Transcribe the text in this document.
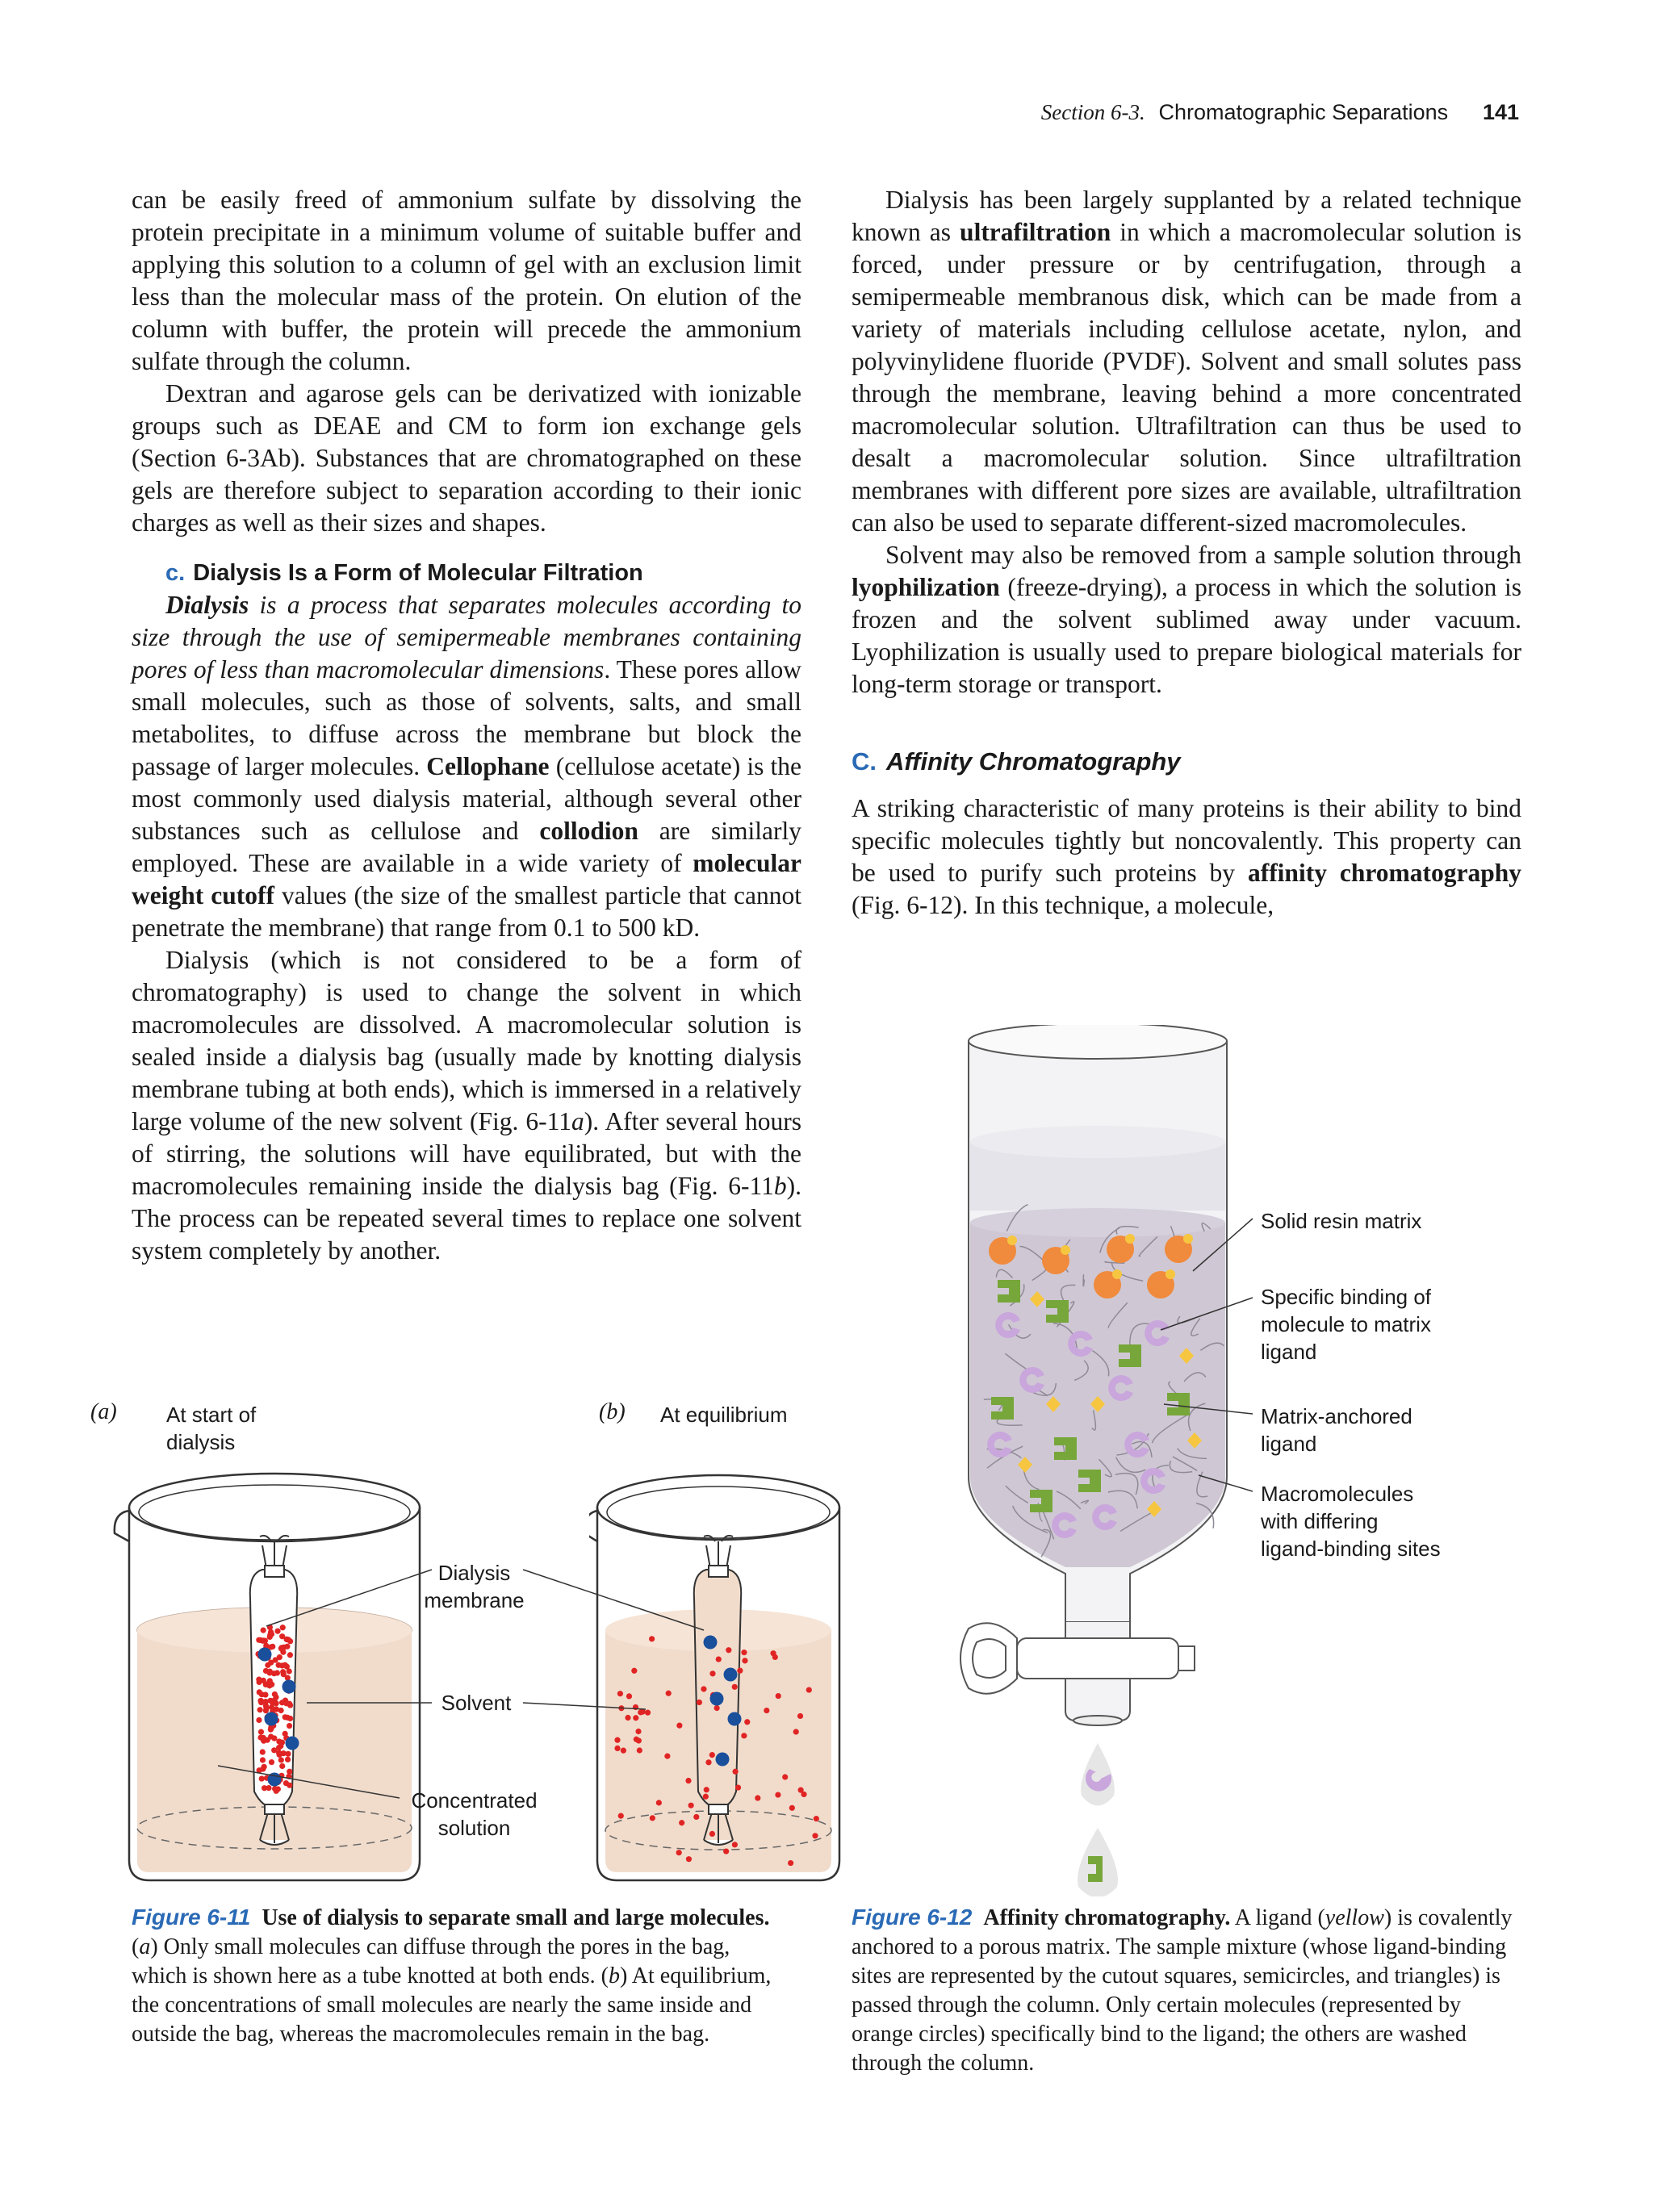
Section 6-3. Chromatographic Separations 141

can be easily freed of ammonium sulfate by dissolving the protein precipitate in a minimum volume of suitable buffer and applying this solution to a column of gel with an exclusion limit less than the molecular mass of the protein. On elution of the column with buffer, the protein will precede the ammonium sulfate through the column.

Dextran and agarose gels can be derivatized with ionizable groups such as DEAE and CM to form ion exchange gels (Section 6-3Ab). Substances that are chromatographed on these gels are therefore subject to separation according to their ionic charges as well as their sizes and shapes.

c. Dialysis Is a Form of Molecular Filtration

Dialysis is a process that separates molecules according to size through the use of semipermeable membranes containing pores of less than macromolecular dimensions. These pores allow small molecules, such as those of solvents, salts, and small metabolites, to diffuse across the membrane but block the passage of larger molecules. Cellophane (cellulose acetate) is the most commonly used dialysis material, although several other substances such as cellulose and collodion are similarly employed. These are available in a wide variety of molecular weight cutoff values (the size of the smallest particle that cannot penetrate the membrane) that range from 0.1 to 500 kD.

Dialysis (which is not considered to be a form of chromatography) is used to change the solvent in which macromolecules are dissolved. A macromolecular solution is sealed inside a dialysis bag (usually made by knotting dialysis membrane tubing at both ends), which is immersed in a relatively large volume of the new solvent (Fig. 6-11a). After several hours of stirring, the solutions will have equilibrated, but with the macromolecules remaining inside the dialysis bag (Fig. 6-11b). The process can be repeated several times to replace one solvent system completely by another.

Dialysis has been largely supplanted by a related technique known as ultrafiltration in which a macromolecular solution is forced, under pressure or by centrifugation, through a semipermeable membranous disk, which can be made from a variety of materials including cellulose acetate, nylon, and polyvinylidene fluoride (PVDF). Solvent and small solutes pass through the membrane, leaving behind a more concentrated macromolecular solution. Ultrafiltration can thus be used to desalt a macromolecular solution. Since ultrafiltration membranes with different pore sizes are available, ultrafiltration can also be used to separate different-sized macromolecules.

Solvent may also be removed from a sample solution through lyophilization (freeze-drying), a process in which the solution is frozen and the solvent sublimed away under vacuum. Lyophilization is usually used to prepare biological materials for long-term storage or transport.

C. Affinity Chromatography

A striking characteristic of many proteins is their ability to bind specific molecules tightly but noncovalently. This property can be used to purify such proteins by affinity chromatography (Fig. 6-12). In this technique, a molecule,

(a) At start of dialysis
(b) At equilibrium
Dialysis membrane
Solvent
Concentrated solution
Figure 6-11 Use of dialysis to separate small and large molecules. (a) Only small molecules can diffuse through the pores in the bag, which is shown here as a tube knotted at both ends. (b) At equilibrium, the concentrations of small molecules are nearly the same inside and outside the bag, whereas the macromolecules remain in the bag.
Solid resin matrix
Specific binding of molecule to matrix ligand
Matrix-anchored ligand
Macromolecules with differing ligand-binding sites
Figure 6-12 Affinity chromatography. A ligand (yellow) is covalently anchored to a porous matrix. The sample mixture (whose ligand-binding sites are represented by the cutout squares, semicircles, and triangles) is passed through the column. Only certain molecules (represented by orange circles) specifically bind to the ligand; the others are washed through the column.
